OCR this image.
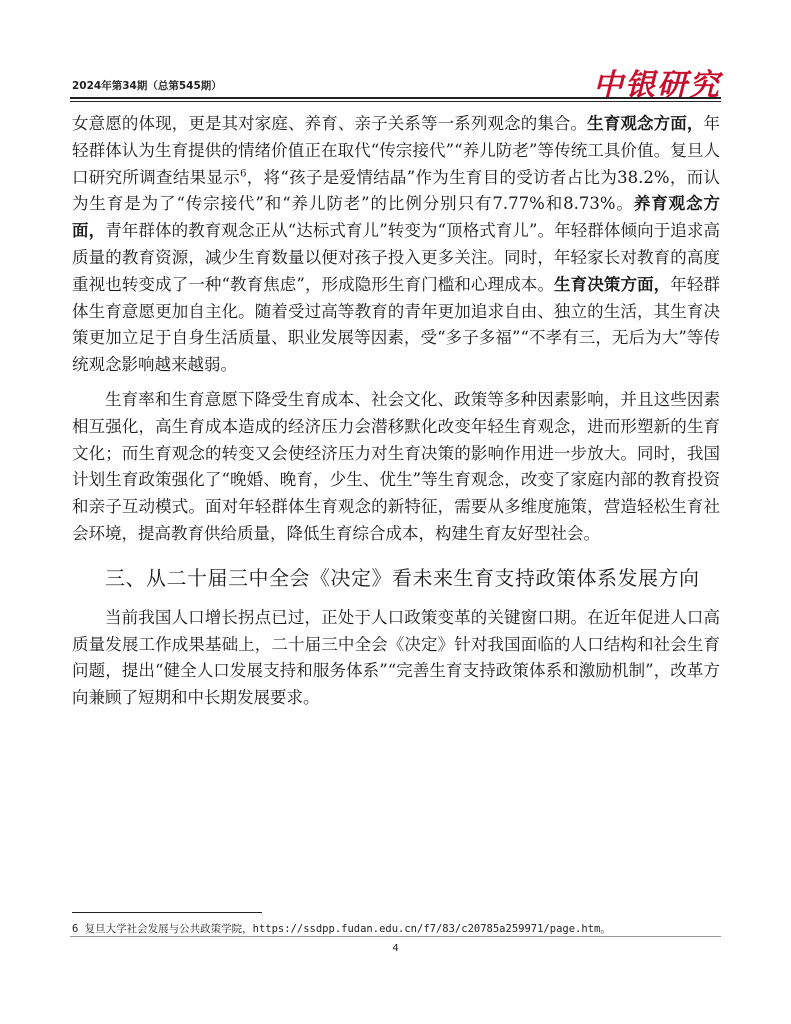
2024年第34期（总第545期）	中银研究

女意愿的体现，更是其对家庭、养育、亲子关系等一系列观念的集合。生育观念方面，年轻群体认为生育提供的情绪价值正在取代“传宗接代”“养儿防老”等传统工具价值。复旦人口研究所调查结果显示$^6$，将“孩子是爱情结晶”作为生育目的受访者占比为38.2%，而认为生育是为了“传宗接代”和“养儿防老”的比例分别只有7.77%和8.73%。养育观念方面，青年群体的教育观念正从“达标式育儿”转变为“顶格式育儿”。年轻群体倾向于追求高质量的教育资源，减少生育数量以便对孩子投入更多关注。同时，年轻家长对教育的高度重视也转变成了一种“教育焦虑”，形成隐形生育门槛和心理成本。生育决策方面，年轻群体生育意愿更加自主化。随着受过高等教育的青年更加追求自由、独立的生活，其生育决策更加立足于自身生活质量、职业发展等因素，受“多子多福”“不孝有三，无后为大”等传统观念影响越来越弱。

生育率和生育意愿下降受生育成本、社会文化、政策等多种因素影响，并且这些因素相互强化，高生育成本造成的经济压力会潜移默化改变年轻生育观念，进而形塑新的生育文化；而生育观念的转变又会使经济压力对生育决策的影响作用进一步放大。同时，我国计划生育政策强化了“晚婚、晚育，少生、优生”等生育观念，改变了家庭内部的教育投资和亲子互动模式。面对年轻群体生育观念的新特征，需要从多维度施策，营造轻松生育社会环境，提高教育供给质量，降低生育综合成本，构建生育友好型社会。

三、从二十届三中全会《决定》看未来生育支持政策体系发展方向

当前我国人口增长拐点已过，正处于人口政策变革的关键窗口期。在近年促进人口高质量发展工作成果基础上，二十届三中全会《决定》针对我国面临的人口结构和社会生育问题，提出“健全人口发展支持和服务体系”“完善生育支持政策体系和激励机制”，改革方向兼顾了短期和中长期发展要求。

6 复旦大学社会发展与公共政策学院，https://ssdpp.fudan.edu.cn/f7/83/c20785a259971/page.htm。
4
